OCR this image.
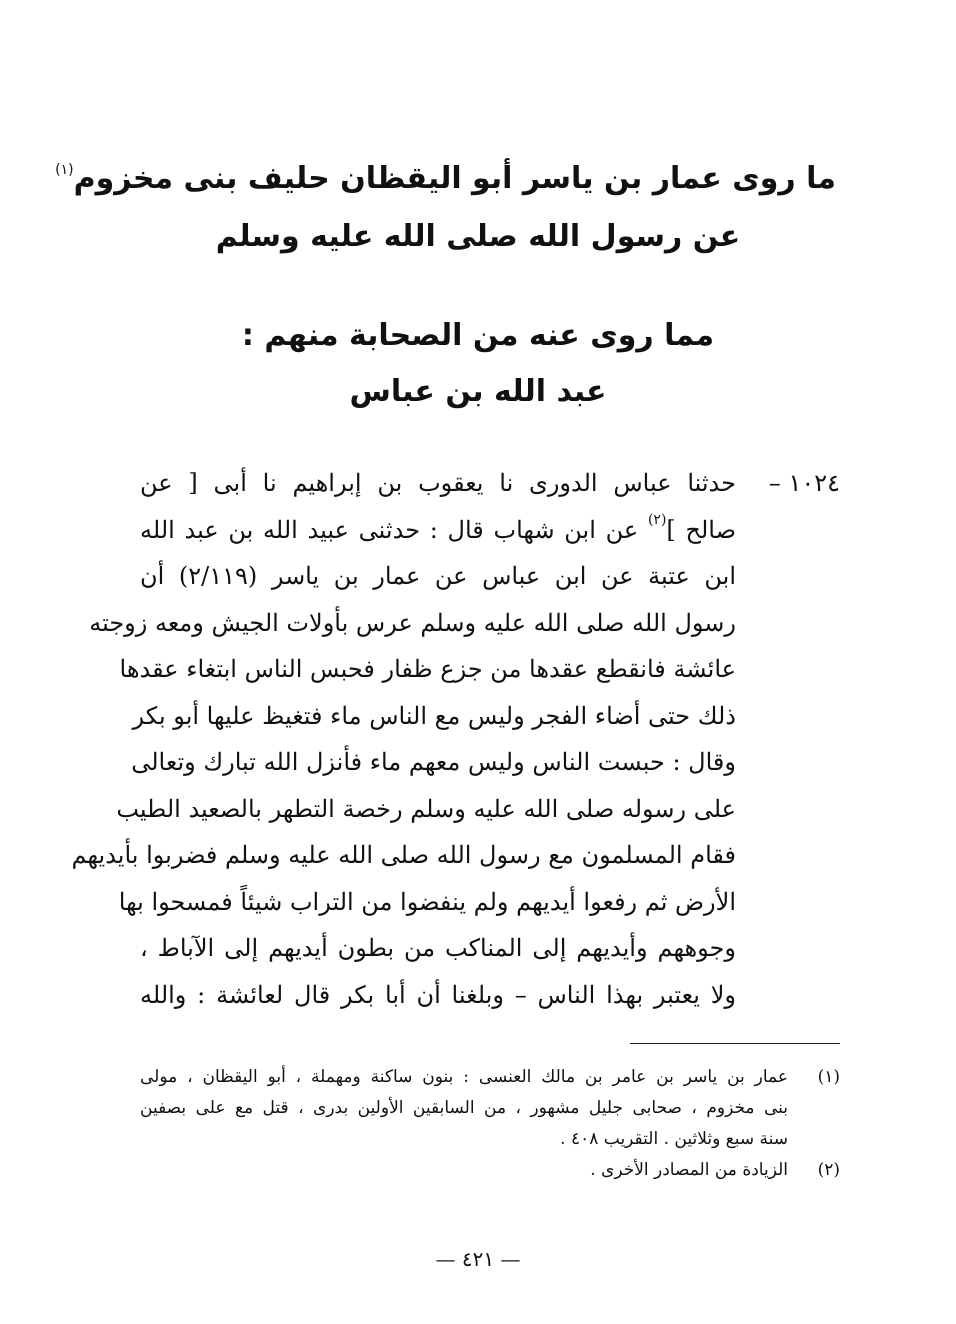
ما روى عمار بن ياسر أبو اليقظان حليف بنى مخزوم$^{(١)}$
عن رسول الله صلى الله عليه وسلم
مما روى عنه من الصحابة منهم :
عبد الله بن عباس
١٠٢٤ –
حدثنا عباس الدورى نا يعقوب بن إبراهيم نا أبى [ عن
صالح ]$^{(٢)}$ عن ابن شهاب قال : حدثنى عبيد الله بن عبد الله
ابن عتبة عن ابن عباس عن عمار بن ياسر (٢/١١٩) أن
رسول الله صلى الله عليه وسلم عرس بأولات الجيش ومعه زوجته
عائشة فانقطع عقدها من جزع ظفار فحبس الناس ابتغاء عقدها
ذلك حتى أضاء الفجر وليس مع الناس ماء فتغيظ عليها أبو بكر
وقال : حبست الناس وليس معهم ماء فأنزل الله تبارك وتعالى
على رسوله صلى الله عليه وسلم رخصة التطهر بالصعيد الطيب
فقام المسلمون مع رسول الله صلى الله عليه وسلم فضربوا بأيديهم
الأرض ثم رفعوا أيديهم ولم ينفضوا من التراب شيئاً فمسحوا بها
وجوههم وأيديهم إلى المناكب من بطون أيديهم إلى الآباط ،
ولا يعتبر بهذا الناس – وبلغنا أن أبا بكر قال لعائشة : والله
(١)
عمار بن ياسر بن عامر بن مالك العنسى : بنون ساكنة ومهملة ، أبو اليقظان ، مولى
بنى مخزوم ، صحابى جليل مشهور ، من السابقين الأولين بدرى ، قتل مع على بصفين
سنة سبع وثلاثين . التقريب ٤٠٨ .
(٢)
الزيادة من المصادر الأخرى .
— ٤٢١ —
